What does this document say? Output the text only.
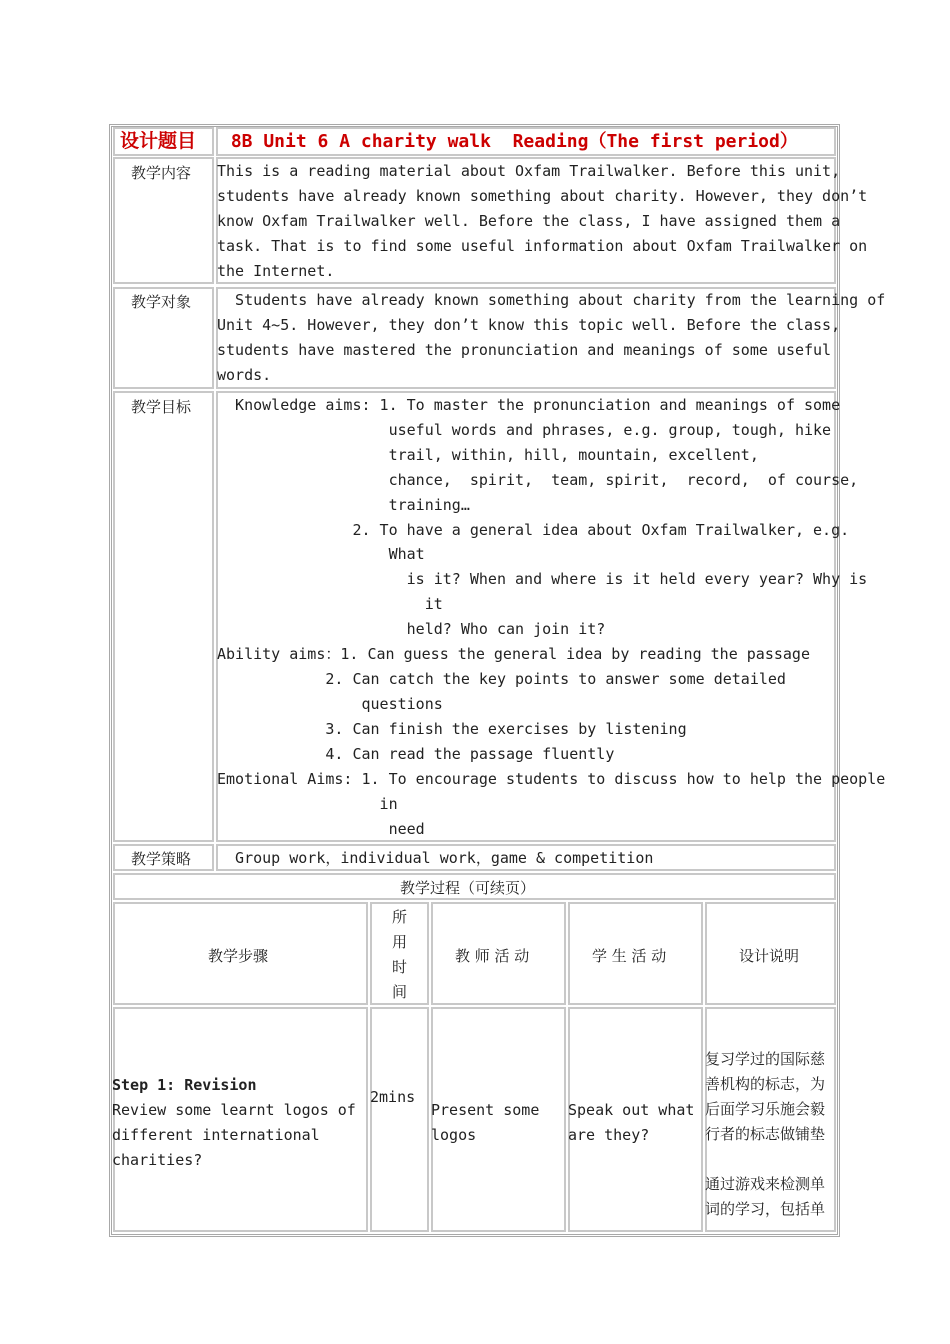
设计题目 8B Unit 6 A charity walk  Reading（The first period）
教学内容 This is a reading material about Oxfam Trailwalker. Before this unit,
students have already known something about charity. However, they don’t
know Oxfam Trailwalker well. Before the class, I have assigned them a
task. That is to find some useful information about Oxfam Trailwalker on
the Internet.
教学对象 Students have already known something about charity from the learning of
Unit 4~5. However, they don’t know this topic well. Before the class,
students have mastered the pronunciation and meanings of some useful
words.
教学目标 Knowledge aims: 1. To master the pronunciation and meanings of some
useful words and phrases, e.g. group, tough, hike
trail, within, hill, mountain, excellent,
chance,  spirit,  team, spirit,  record,  of course,
training…
2. To have a general idea about Oxfam Trailwalker, e.g.
What
is it? When and where is it held every year? Why is
it
held? Who can join it?
Ability aims：1. Can guess the general idea by reading the passage
2. Can catch the key points to answer some detailed
questions
3. Can finish the exercises by listening
4. Can read the passage fluently
Emotional Aims: 1. To encourage students to discuss how to help the people
in
need
教学策略 Group work，individual work，game & competition
教学过程（可续页）
教学步骤
所
用
时
间
教 师 活 动	学 生 活 动	设计说明
Step 1: Revision
Review some learnt logos of
different international
charities?
2mins
Present some
logos
Speak out what
are they?
复习学过的国际慈
善机构的标志，为
后面学习乐施会毅
行者的标志做铺垫
通过游戏来检测单
词的学习，包括单
